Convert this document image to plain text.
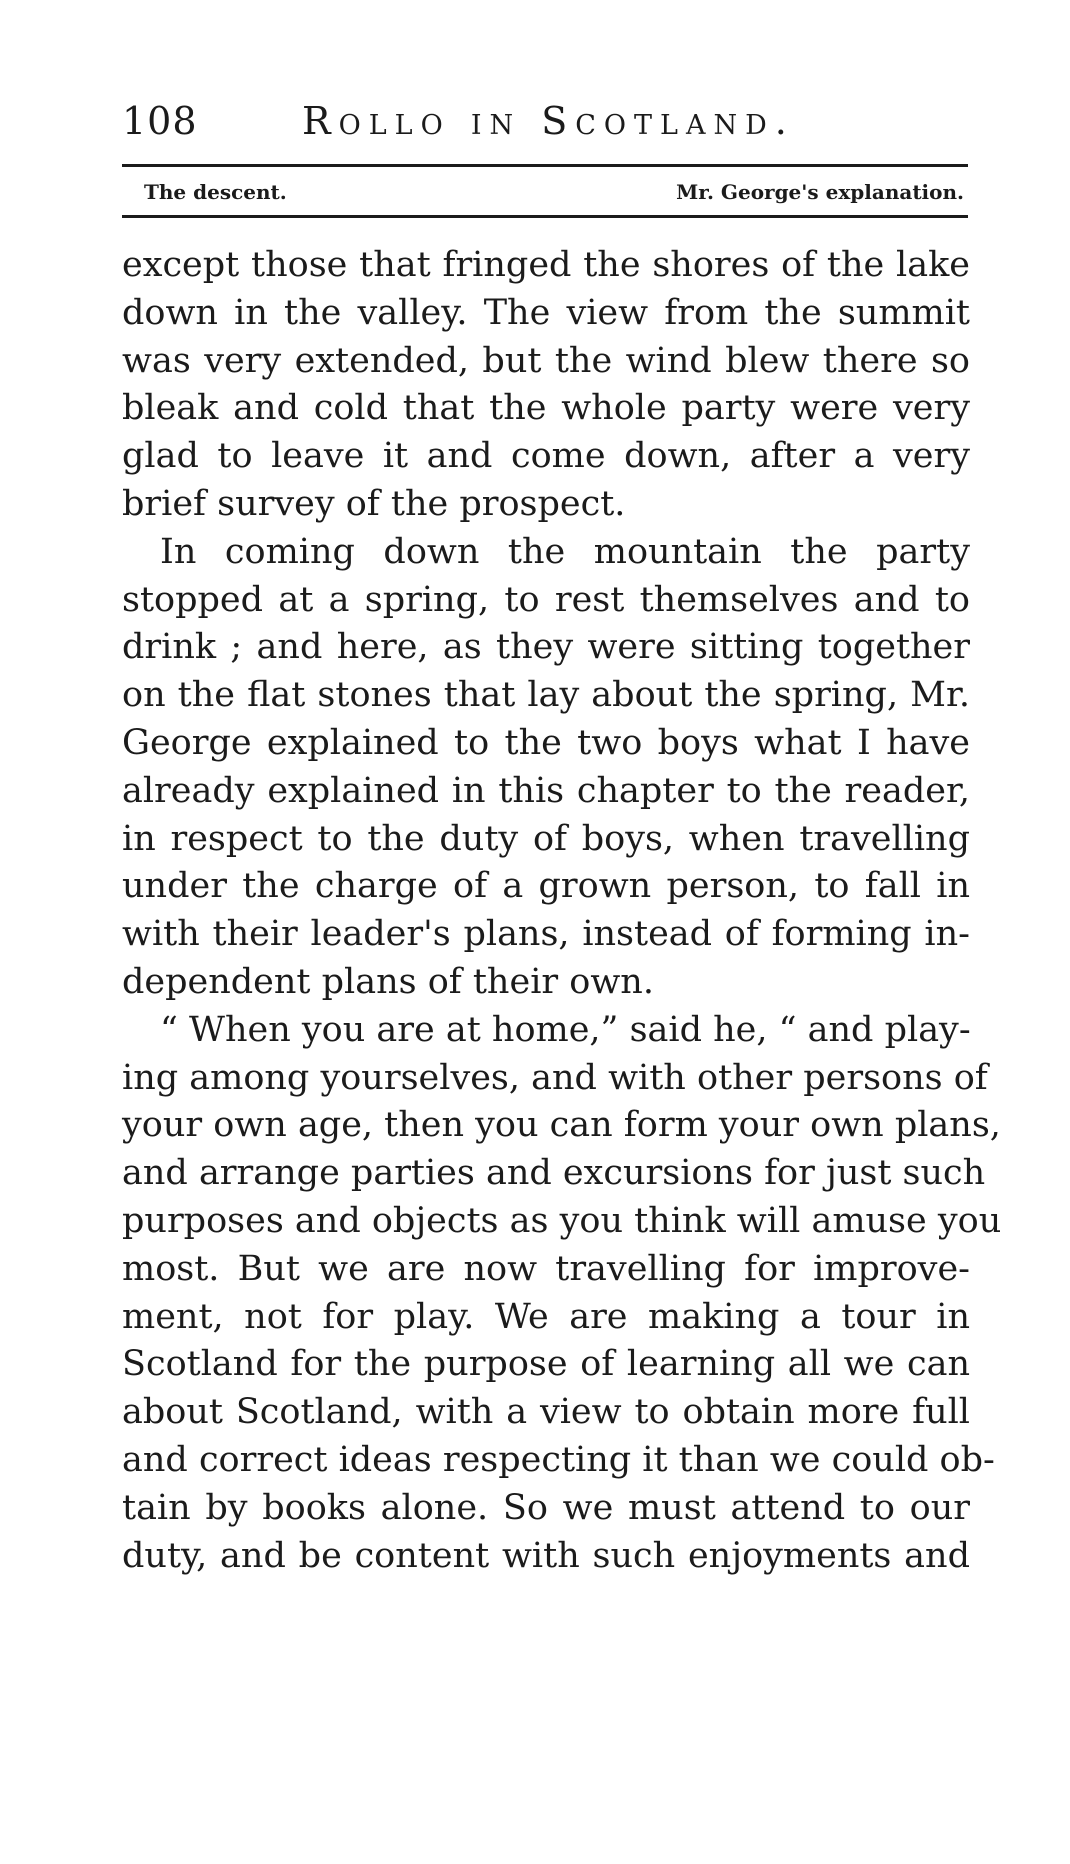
108	Rollo in Scotland.
The descent.	Mr. George's explanation.

except those that fringed the shores of the lake
down in the valley. The view from the summit
was very extended, but the wind blew there so
bleak and cold that the whole party were very
glad to leave it and come down, after a very
brief survey of the prospect.

In coming down the mountain the party
stopped at a spring, to rest themselves and to
drink ; and here, as they were sitting together
on the flat stones that lay about the spring, Mr.
George explained to the two boys what I have
already explained in this chapter to the reader,
in respect to the duty of boys, when travelling
under the charge of a grown person, to fall in
with their leader's plans, instead of forming in-
dependent plans of their own.

“ When you are at home,” said he, “ and play-
ing among yourselves, and with other persons of
your own age, then you can form your own plans,
and arrange parties and excursions for just such
purposes and objects as you think will amuse you
most. But we are now travelling for improve-
ment, not for play. We are making a tour in
Scotland for the purpose of learning all we can
about Scotland, with a view to obtain more full
and correct ideas respecting it than we could ob-
tain by books alone. So we must attend to our
duty, and be content with such enjoyments and
